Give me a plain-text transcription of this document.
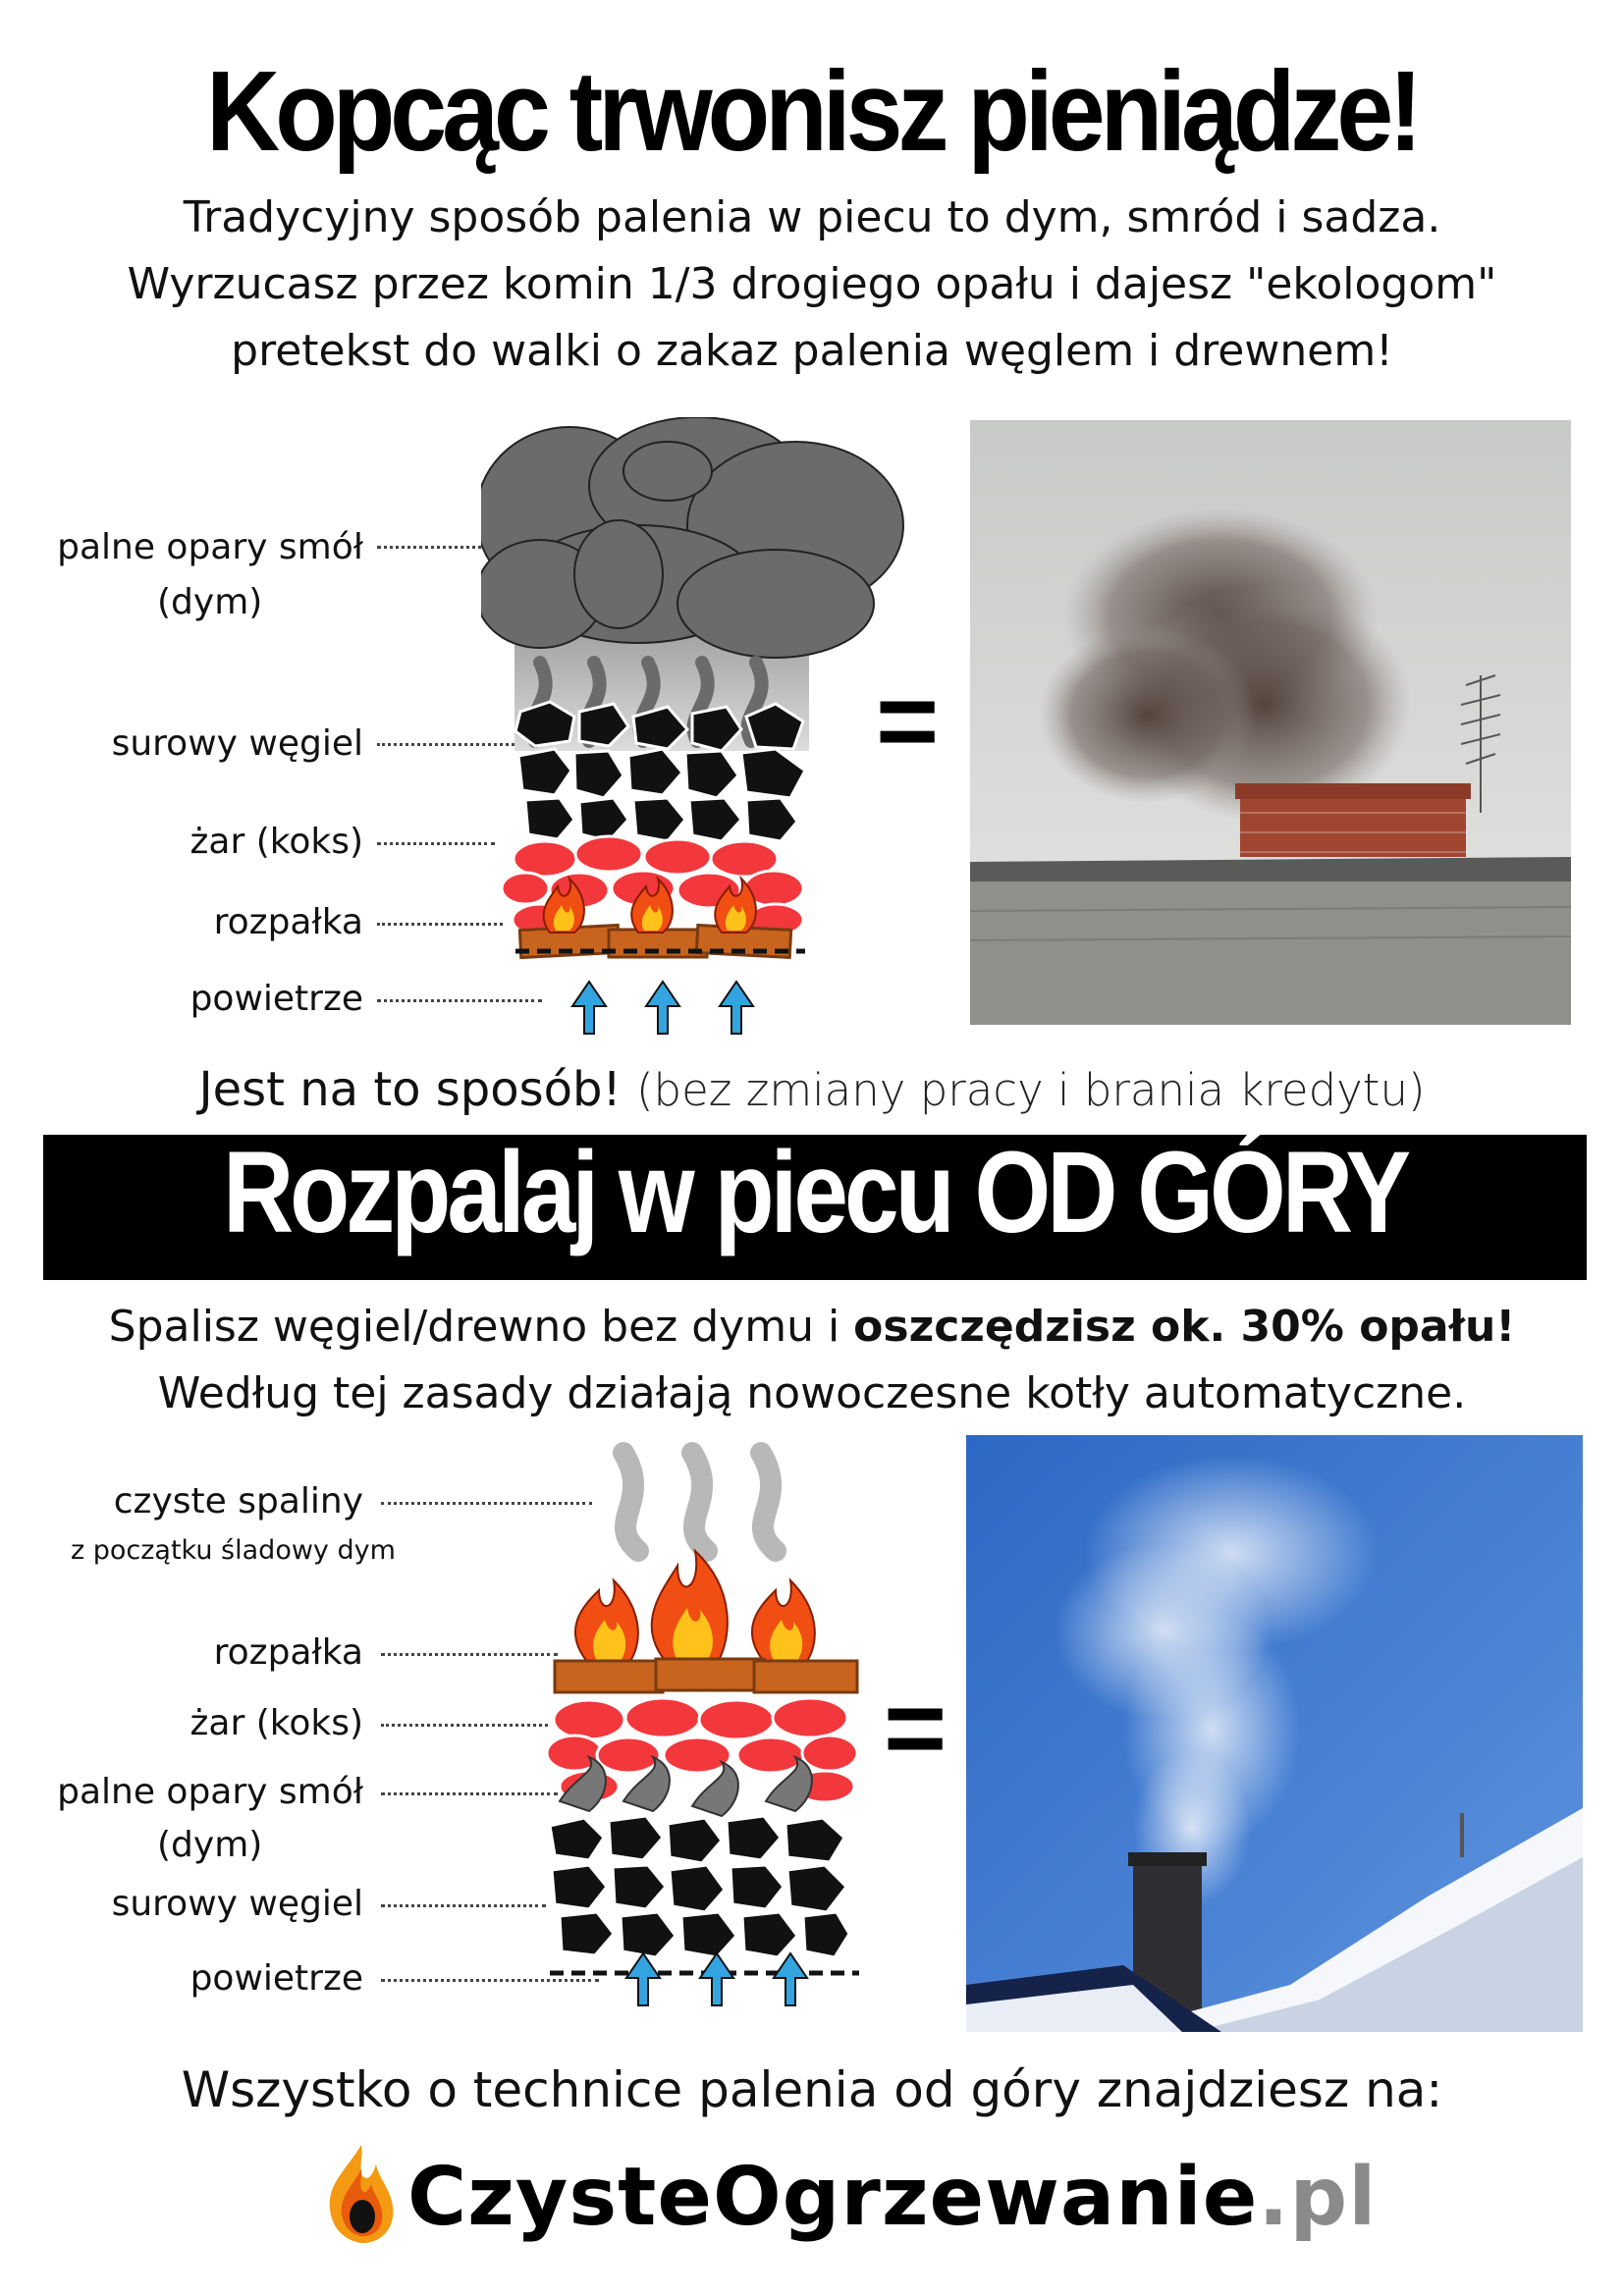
Kopcąc trwonisz pieniądze!
Tradycyjny sposób palenia w piecu to dym, smród i sadza.
Wyrzucasz przez komin 1/3 drogiego opału i dajesz "ekologom"
pretekst do walki o zakaz palenia węglem i drewnem!
palne opary smół
(dym)
surowy węgiel
żar (koks)
rozpałka
powietrze
=
Jest na to sposób! (bez zmiany pracy i brania kredytu)
Rozpalaj w piecu OD GÓRY
Spalisz węgiel/drewno bez dymu i oszczędzisz ok. 30% opału!
Według tej zasady działają nowoczesne kotły automatyczne.
czyste spaliny
z początku śladowy dym
rozpałka
żar (koks)
palne opary smół
(dym)
surowy węgiel
powietrze
=
Wszystko o technice palenia od góry znajdziesz na:
CzysteOgrzewanie.pl
